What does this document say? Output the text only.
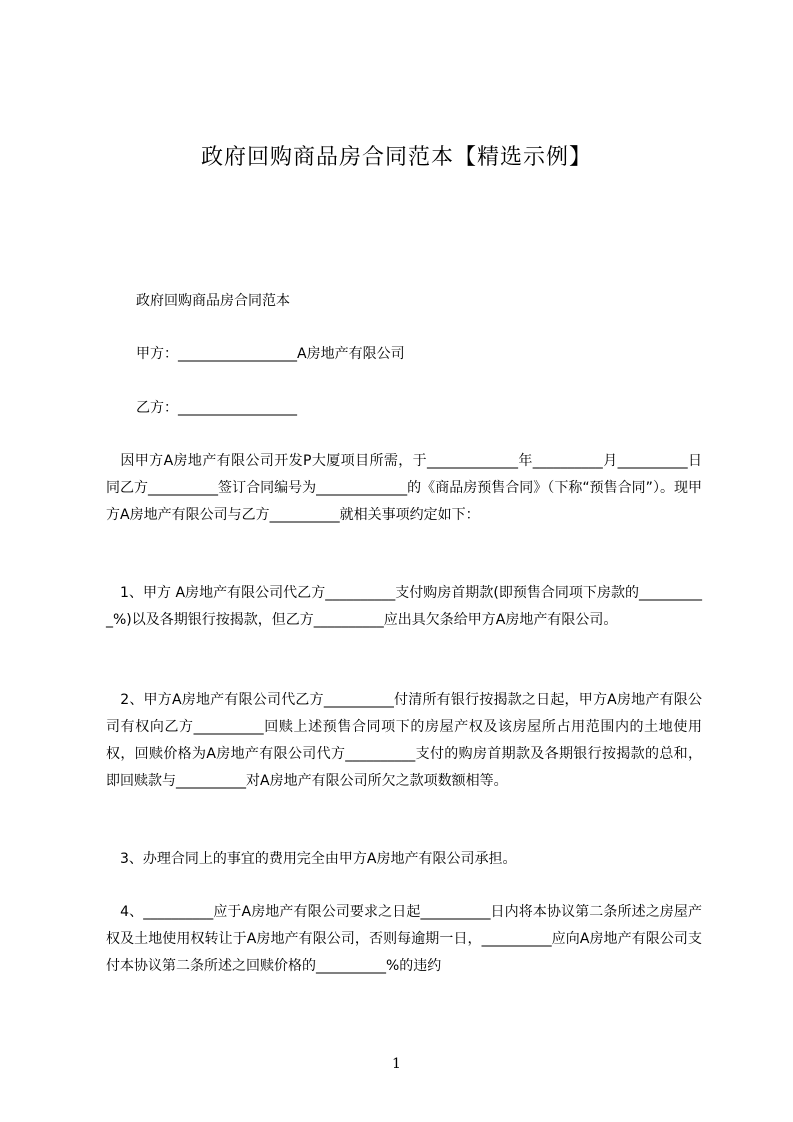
政府回购商品房合同范本【精选示例】
政府回购商品房合同范本
甲方：_________________A房地产有限公司
乙方：_________________
　因甲方A房地产有限公司开发P大厦项目所需，于_____________年__________月__________日同乙方__________签订合同编号为_____________的《商品房预售合同》（下称“预售合同”）。现甲方A房地产有限公司与乙方__________就相关事项约定如下：
　1、甲方 A房地产有限公司代乙方__________支付购房首期款(即预售合同项下房款的__________%)以及各期银行按揭款，但乙方__________应出具欠条给甲方A房地产有限公司。
　2、甲方A房地产有限公司代乙方__________付清所有银行按揭款之日起，甲方A房地产有限公司有权向乙方__________回赎上述预售合同项下的房屋产权及该房屋所占用范围内的土地使用权，回赎价格为A房地产有限公司代方__________支付的购房首期款及各期银行按揭款的总和，即回赎款与__________对A房地产有限公司所欠之款项数额相等。
　3、办理合同上的事宜的费用完全由甲方A房地产有限公司承担。
　4、__________应于A房地产有限公司要求之日起__________日内将本协议第二条所述之房屋产权及土地使用权转让于A房地产有限公司，否则每逾期一日，__________应向A房地产有限公司支付本协议第二条所述之回赎价格的__________%的违约
1
